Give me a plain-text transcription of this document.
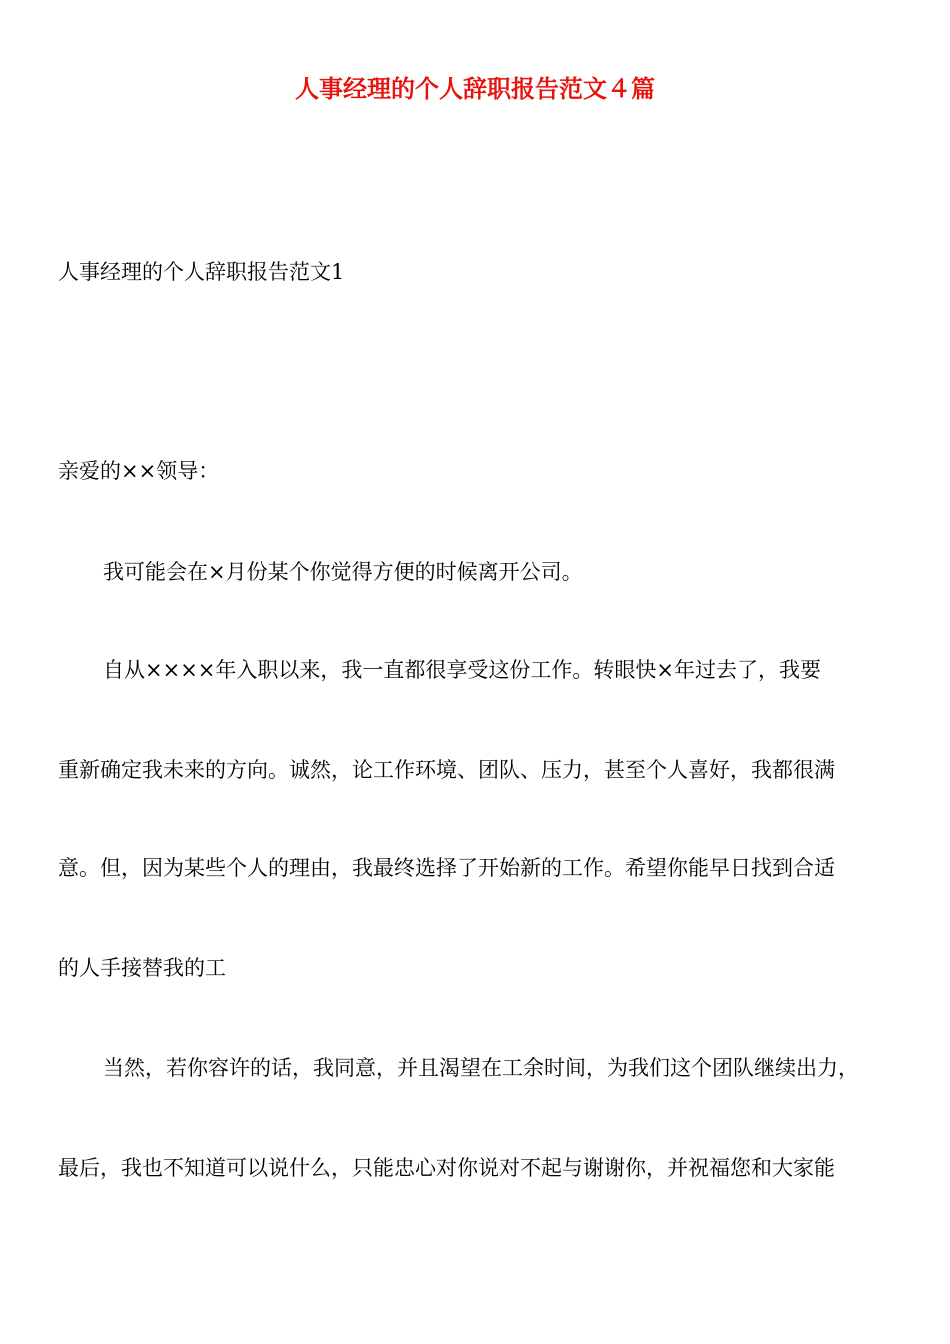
人事经理的个人辞职报告范文４篇
人事经理的个人辞职报告范文1
亲爱的××领导：
我可能会在×月份某个你觉得方便的时候离开公司。
自从××××年入职以来，我一直都很享受这份工作。转眼快×年过去了，我要
重新确定我未来的方向。诚然，论工作环境、团队、压力，甚至个人喜好，我都很满
意。但，因为某些个人的理由，我最终选择了开始新的工作。希望你能早日找到合适
的人手接替我的工
当然，若你容许的话，我同意，并且渴望在工余时间，为我们这个团队继续出力，
最后，我也不知道可以说什么，只能忠心对你说对不起与谢谢你，并祝福您和大家能
